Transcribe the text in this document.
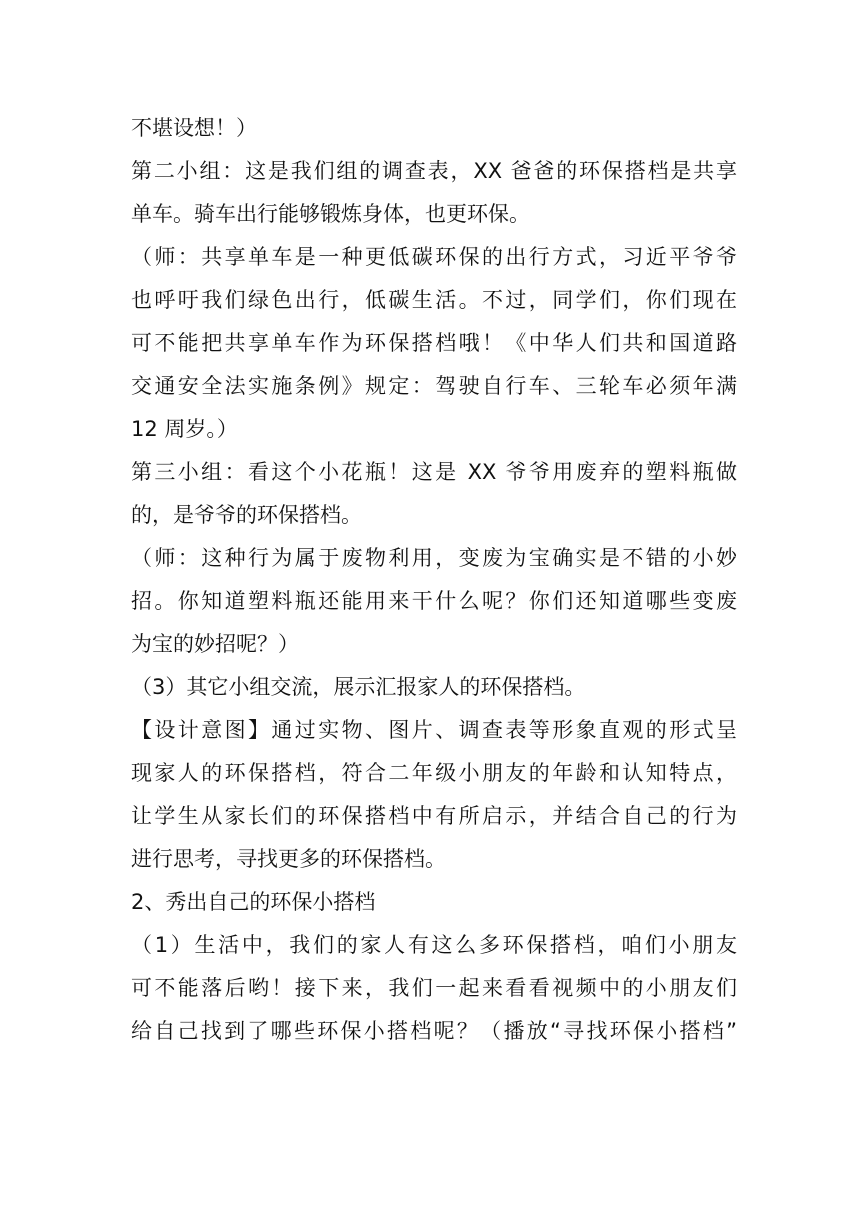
不堪设想！）
第二小组：这是我们组的调查表，XX 爸爸的环保搭档是共享
单车。骑车出行能够锻炼身体，也更环保。
（师：共享单车是一种更低碳环保的出行方式，习近平爷爷
也呼吁我们绿色出行，低碳生活。不过，同学们，你们现在
可不能把共享单车作为环保搭档哦！《中华人们共和国道路
交通安全法实施条例》规定：驾驶自行车、三轮车必须年满
12 周岁。）
第三小组：看这个小花瓶！这是 XX 爷爷用废弃的塑料瓶做
的，是爷爷的环保搭档。
（师：这种行为属于废物利用，变废为宝确实是不错的小妙
招。你知道塑料瓶还能用来干什么呢？你们还知道哪些变废
为宝的妙招呢？）
（3）其它小组交流，展示汇报家人的环保搭档。
【设计意图】通过实物、图片、调查表等形象直观的形式呈
现家人的环保搭档，符合二年级小朋友的年龄和认知特点，
让学生从家长们的环保搭档中有所启示，并结合自己的行为
进行思考，寻找更多的环保搭档。
2、秀出自己的环保小搭档
（1）生活中，我们的家人有这么多环保搭档，咱们小朋友
可不能落后哟！接下来，我们一起来看看视频中的小朋友们
给自己找到了哪些环保小搭档呢？（播放“寻找环保小搭档”
